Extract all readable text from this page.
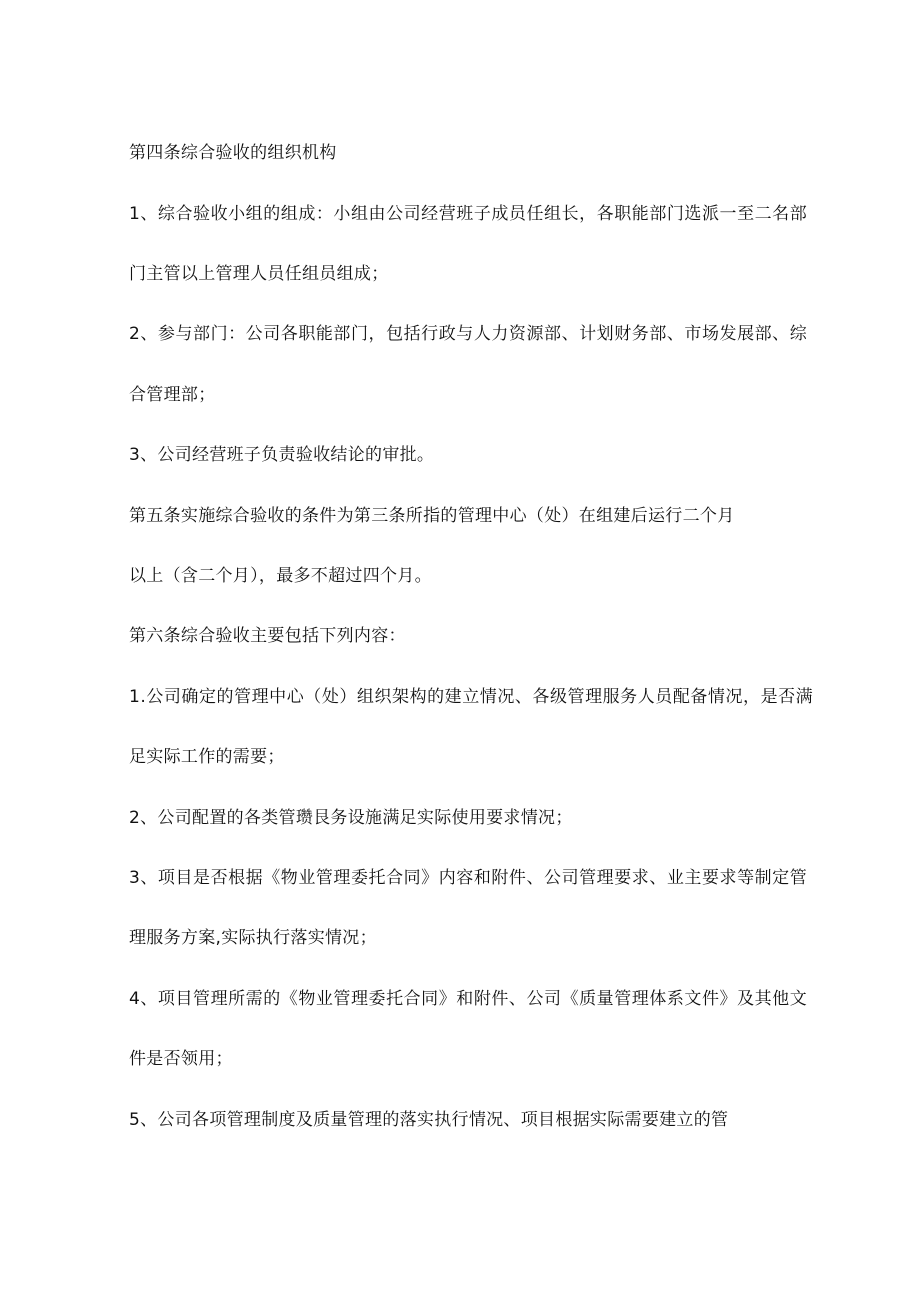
第四条综合验收的组织机构
1、综合验收小组的组成：小组由公司经营班子成员任组长，各职能部门选派一至二名部
门主管以上管理人员任组员组成；
2、参与部门：公司各职能部门，包括行政与人力资源部、计划财务部、市场发展部、综
合管理部；
3、公司经营班子负责验收结论的审批。
第五条实施综合验收的条件为第三条所指的管理中心（处）在组建后运行二个月
以上（含二个月），最多不超过四个月。
第六条综合验收主要包括下列内容：
1.公司确定的管理中心（处）组织架构的建立情况、各级管理服务人员配备情况，是否满
足实际工作的需要；
2、公司配置的各类管瓒艮务设施满足实际使用要求情况；
3、项目是否根据《物业管理委托合同》内容和附件、公司管理要求、业主要求等制定管
理服务方案,实际执行落实情况；
4、项目管理所需的《物业管理委托合同》和附件、公司《质量管理体系文件》及其他文
件是否领用；
5、公司各项管理制度及质量管理的落实执行情况、项目根据实际需要建立的管
